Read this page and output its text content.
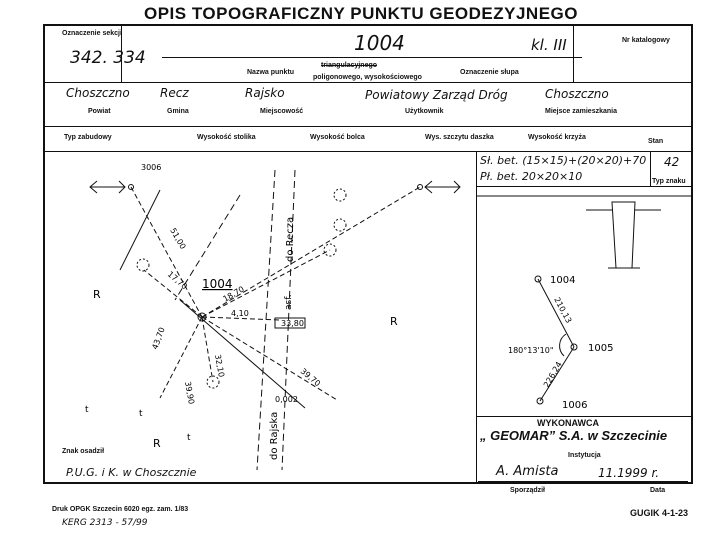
OPIS TOPOGRAFICZNY PUNKTU GEODEZYJNEGO
Oznaczenie sekcji
342. 334
1004	kl. III	Nr katalogowy
Nazwa punktu
triangulacyjnego
poligonowego, wysokościowego
Oznaczenie słupa
Choszczno	Recz	Rajsko	Powiatowy Zarząd Dróg	Choszczno
Powiat	Gmina	Miejscowość	Użytkownik	Miejsce zamieszkania
Typ zabudowy	Wysokość stolika	Wysokość bolca	Wys. szczytu daszka	Wysokość krzyża
Stan
Sł. bet. (15×15)+(20×20)+70
Pł. bet. 20×20×10
42
Typ znaku
3006
1004
do Recza
do Rajska
asf.
R
R
R
51,00
17,70
18,70
4,10
33,80
43,70
32,10
39,90
39,70
0,002
t
t
t
1004
1005
1006
180°13'10"
210,13
226,24
WYKONAWCA
„ GEOMAR” S.A. w Szczecinie
Instytucja
A. Amista	11.1999 r.
Sporządził	Data
Znak osadził
P.U.G. i K. w Choszcznie
Druk OPGK Szczecin 6020 egz. zam. 1/83
KERG 2313 - 57/99
GUGIK 4-1-23
